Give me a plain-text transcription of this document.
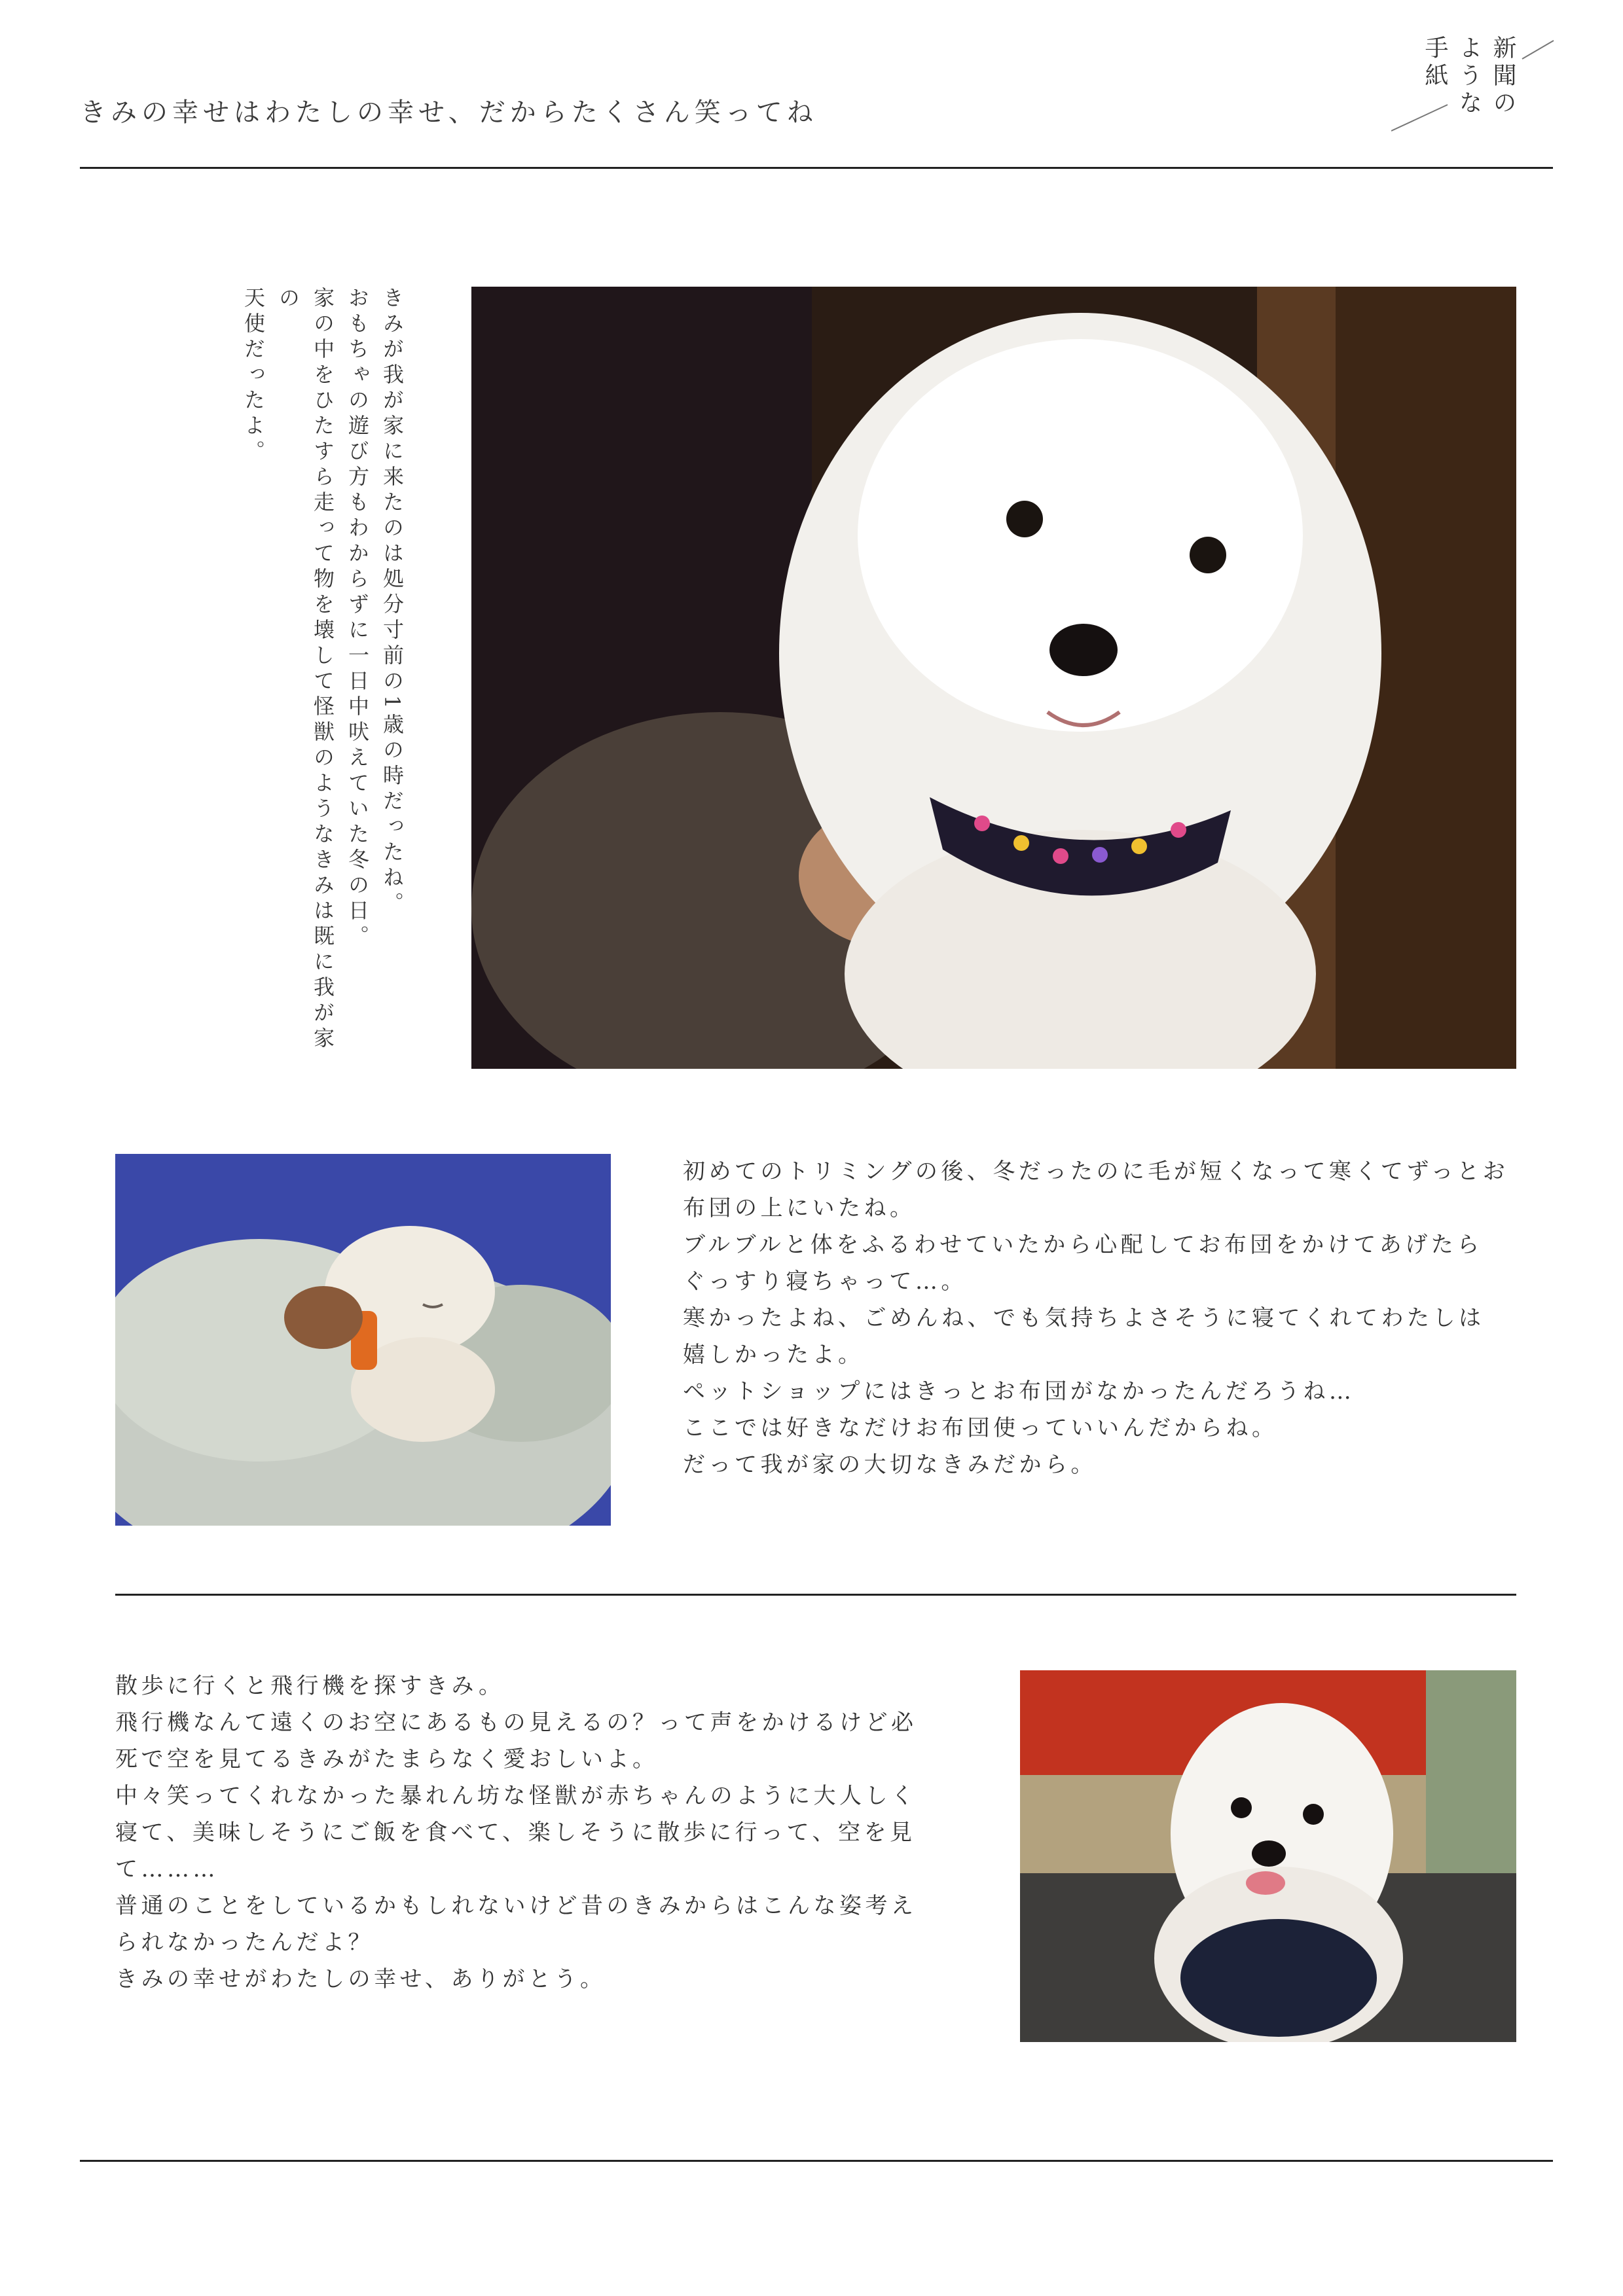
きみの幸せはわたしの幸せ、だからたくさん笑ってね	新聞の
ような
手紙

きみが我が家に来たのは処分寸前の1歳の時だったね。

おもちゃの遊び方もわからずに一日中吠えていた冬の日。

家の中をひたすら走って物を壊して怪獣のようなきみは既に我が家の

天使だったよ。

初めてのトリミングの後、冬だったのに毛が短くなって寒くてずっとお

布団の上にいたね。

ブルブルと体をふるわせていたから心配してお布団をかけてあげたら

ぐっすり寝ちゃって…。

寒かったよね、ごめんね、でも気持ちよさそうに寝てくれてわたしは

嬉しかったよ。

ペットショップにはきっとお布団がなかったんだろうね…

ここでは好きなだけお布団使っていいんだからね。

だって我が家の大切なきみだから。

散歩に行くと飛行機を探すきみ。

飛行機なんて遠くのお空にあるもの見えるの？って声をかけるけど必

死で空を見てるきみがたまらなく愛おしいよ。

中々笑ってくれなかった暴れん坊な怪獣が赤ちゃんのように大人しく

寝て、美味しそうにご飯を食べて、楽しそうに散歩に行って、空を見

て………

普通のことをしているかもしれないけど昔のきみからはこんな姿考え

られなかったんだよ？

きみの幸せがわたしの幸せ、ありがとう。
